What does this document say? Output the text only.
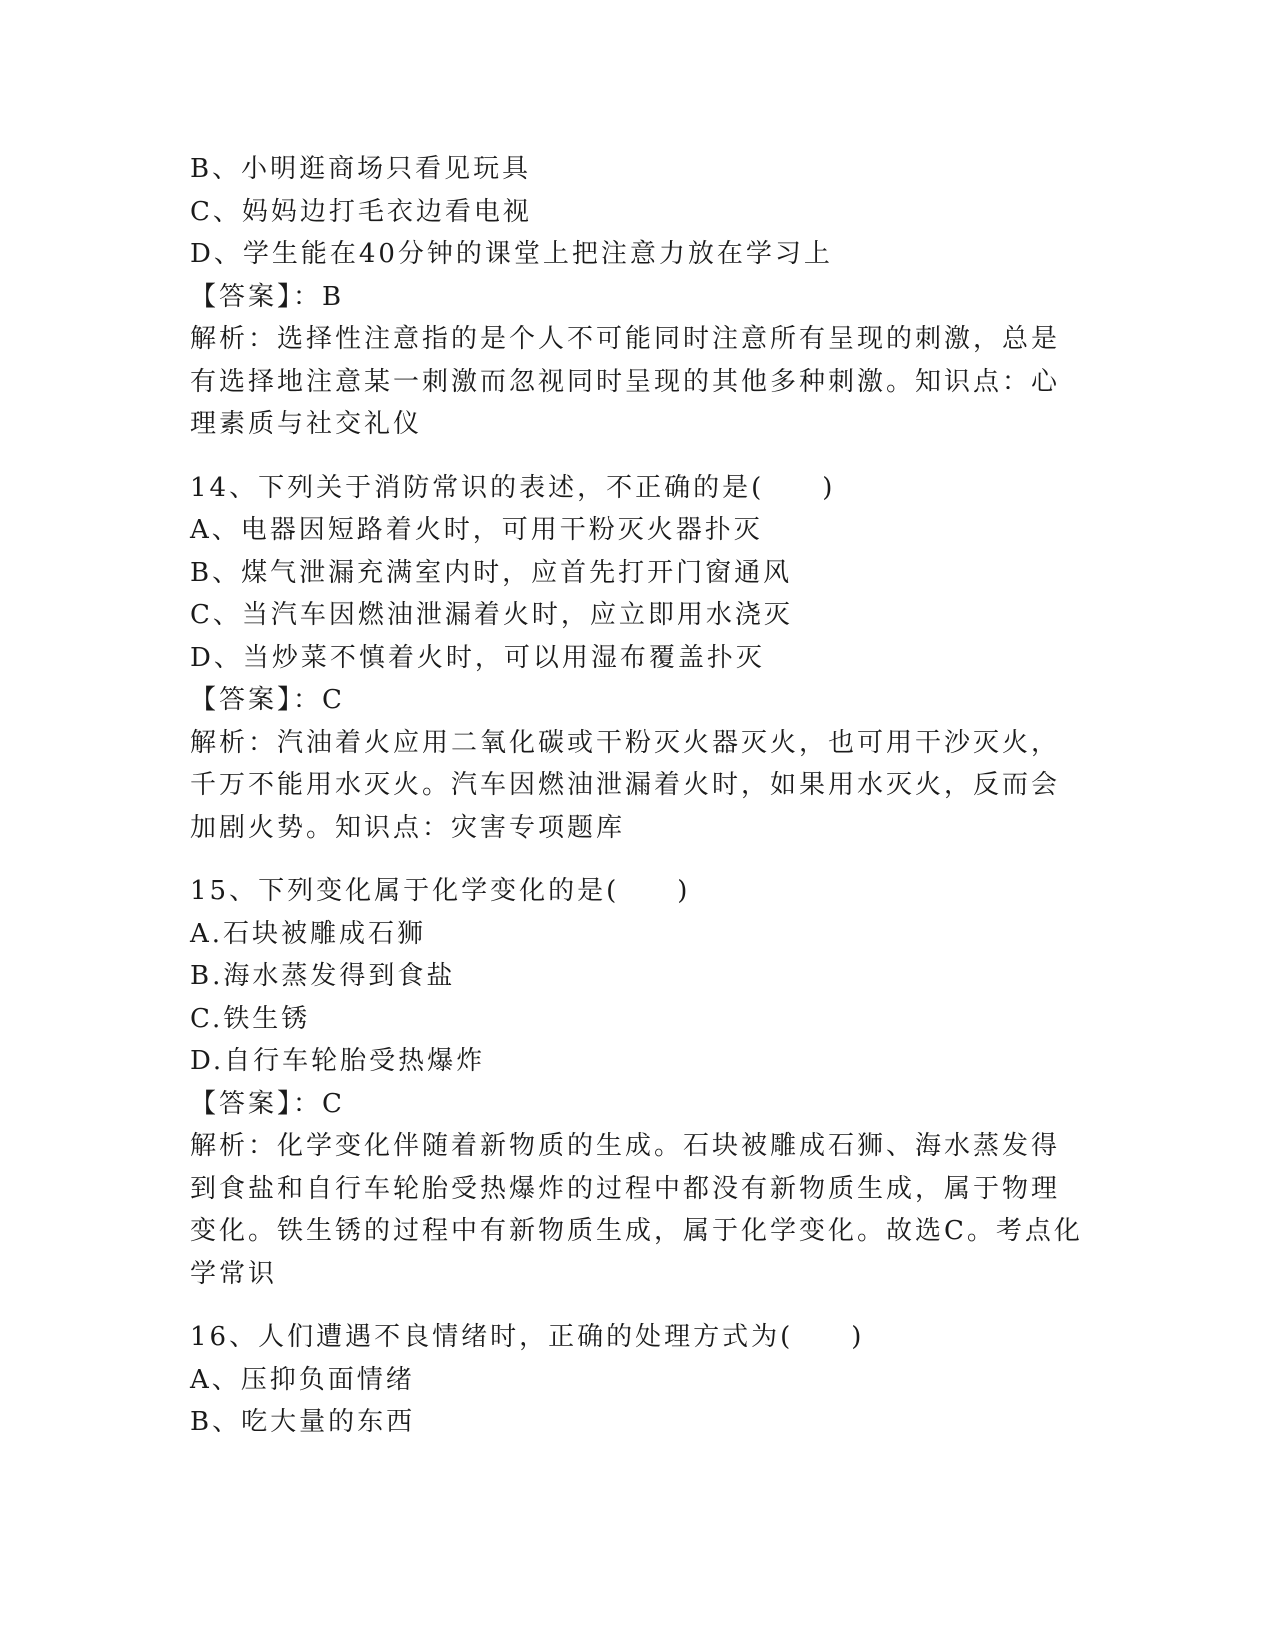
B、小明逛商场只看见玩具
C、妈妈边打毛衣边看电视
D、学生能在40分钟的课堂上把注意力放在学习上
【答案】：B
解析：选择性注意指的是个人不可能同时注意所有呈现的刺激，总是
有选择地注意某一刺激而忽视同时呈现的其他多种刺激。知识点：心
理素质与社交礼仪
14、下列关于消防常识的表述，不正确的是(　　)
A、电器因短路着火时，可用干粉灭火器扑灭
B、煤气泄漏充满室内时，应首先打开门窗通风
C、当汽车因燃油泄漏着火时，应立即用水浇灭
D、当炒菜不慎着火时，可以用湿布覆盖扑灭
【答案】：C
解析：汽油着火应用二氧化碳或干粉灭火器灭火，也可用干沙灭火，
千万不能用水灭火。汽车因燃油泄漏着火时，如果用水灭火，反而会
加剧火势。知识点：灾害专项题库
15、下列变化属于化学变化的是(　　)
A.石块被雕成石狮
B.海水蒸发得到食盐
C.铁生锈
D.自行车轮胎受热爆炸
【答案】：C
解析：化学变化伴随着新物质的生成。石块被雕成石狮、海水蒸发得
到食盐和自行车轮胎受热爆炸的过程中都没有新物质生成，属于物理
变化。铁生锈的过程中有新物质生成，属于化学变化。故选C。考点化
学常识
16、人们遭遇不良情绪时，正确的处理方式为(　　)
A、压抑负面情绪
B、吃大量的东西
